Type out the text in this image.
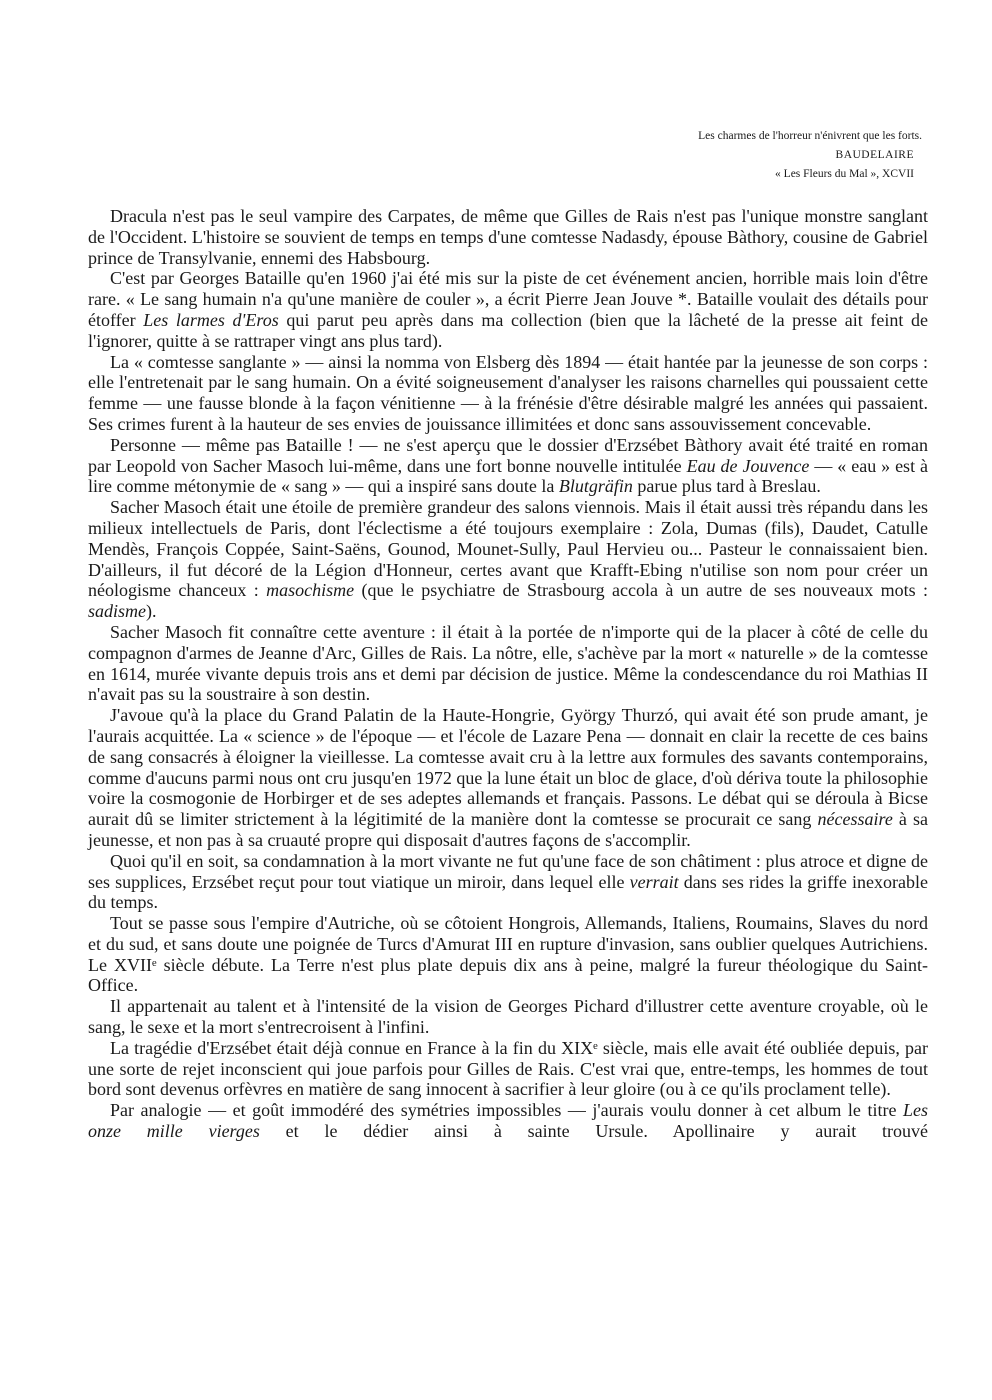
Les charmes de l'horreur n'énivrent que les forts.
BAUDELAIRE
« Les Fleurs du Mal », XCVII

Dracula n'est pas le seul vampire des Carpates, de même que Gilles de Rais n'est pas l'unique monstre sanglant de l'Occident. L'histoire se souvient de temps en temps d'une comtesse Nadasdy, épouse Bàthory, cousine de Gabriel prince de Transylvanie, ennemi des Habsbourg.

C'est par Georges Bataille qu'en 1960 j'ai été mis sur la piste de cet événement ancien, horrible mais loin d'être rare. « Le sang humain n'a qu'une manière de couler », a écrit Pierre Jean Jouve *. Bataille voulait des détails pour étoffer Les larmes d'Eros qui parut peu après dans ma collection (bien que la lâcheté de la presse ait feint de l'ignorer, quitte à se rattraper vingt ans plus tard).

La « comtesse sanglante » — ainsi la nomma von Elsberg dès 1894 — était hantée par la jeunesse de son corps : elle l'entretenait par le sang humain. On a évité soigneusement d'analyser les raisons charnelles qui poussaient cette femme — une fausse blonde à la façon vénitienne — à la frénésie d'être désirable malgré les années qui passaient. Ses crimes furent à la hauteur de ses envies de jouissance illimitées et donc sans assouvissement concevable.

Personne — même pas Bataille ! — ne s'est aperçu que le dossier d'Erzsébet Bàthory avait été traité en roman par Leopold von Sacher Masoch lui-même, dans une fort bonne nouvelle intitulée Eau de Jouvence — « eau » est à lire comme métonymie de « sang » — qui a inspiré sans doute la Blutgräfin parue plus tard à Breslau.

Sacher Masoch était une étoile de première grandeur des salons viennois. Mais il était aussi très répandu dans les milieux intellectuels de Paris, dont l'éclectisme a été toujours exemplaire : Zola, Dumas (fils), Daudet, Catulle Mendès, François Coppée, Saint-Saëns, Gounod, Mounet-Sully, Paul Hervieu ou... Pasteur le connaissaient bien. D'ailleurs, il fut décoré de la Légion d'Honneur, certes avant que Krafft-Ebing n'utilise son nom pour créer un néologisme chanceux : masochisme (que le psychiatre de Strasbourg accola à un autre de ses nouveaux mots : sadisme).

Sacher Masoch fit connaître cette aventure : il était à la portée de n'importe qui de la placer à côté de celle du compagnon d'armes de Jeanne d'Arc, Gilles de Rais. La nôtre, elle, s'achève par la mort « naturelle » de la comtesse en 1614, murée vivante depuis trois ans et demi par décision de justice. Même la condescendance du roi Mathias II n'avait pas su la soustraire à son destin.

J'avoue qu'à la place du Grand Palatin de la Haute-Hongrie, György Thurzó, qui avait été son prude amant, je l'aurais acquittée. La « science » de l'époque — et l'école de Lazare Pena — donnait en clair la recette de ces bains de sang consacrés à éloigner la vieillesse. La comtesse avait cru à la lettre aux formules des savants contemporains, comme d'aucuns parmi nous ont cru jusqu'en 1972 que la lune était un bloc de glace, d'où dériva toute la philosophie voire la cosmogonie de Horbirger et de ses adeptes allemands et français. Passons. Le débat qui se déroula à Bicse aurait dû se limiter strictement à la légitimité de la manière dont la comtesse se procurait ce sang nécessaire à sa jeunesse, et non pas à sa cruauté propre qui disposait d'autres façons de s'accomplir.

Quoi qu'il en soit, sa condamnation à la mort vivante ne fut qu'une face de son châtiment : plus atroce et digne de ses supplices, Erzsébet reçut pour tout viatique un miroir, dans lequel elle verrait dans ses rides la griffe inexorable du temps.

Tout se passe sous l'empire d'Autriche, où se côtoient Hongrois, Allemands, Italiens, Roumains, Slaves du nord et du sud, et sans doute une poignée de Turcs d'Amurat III en rupture d'invasion, sans oublier quelques Autrichiens. Le XVIIᵉ siècle débute. La Terre n'est plus plate depuis dix ans à peine, malgré la fureur théologique du Saint-Office.

Il appartenait au talent et à l'intensité de la vision de Georges Pichard d'illustrer cette aventure croyable, où le sang, le sexe et la mort s'entrecroisent à l'infini.

La tragédie d'Erzsébet était déjà connue en France à la fin du XIXᵉ siècle, mais elle avait été oubliée depuis, par une sorte de rejet inconscient qui joue parfois pour Gilles de Rais. C'est vrai que, entre-temps, les hommes de tout bord sont devenus orfèvres en matière de sang innocent à sacrifier à leur gloire (ou à ce qu'ils proclament telle).

Par analogie — et goût immodéré des symétries impossibles — j'aurais voulu donner à cet album le titre Les onze mille vierges et le dédier ainsi à sainte Ursule. Apollinaire y aurait trouvé
